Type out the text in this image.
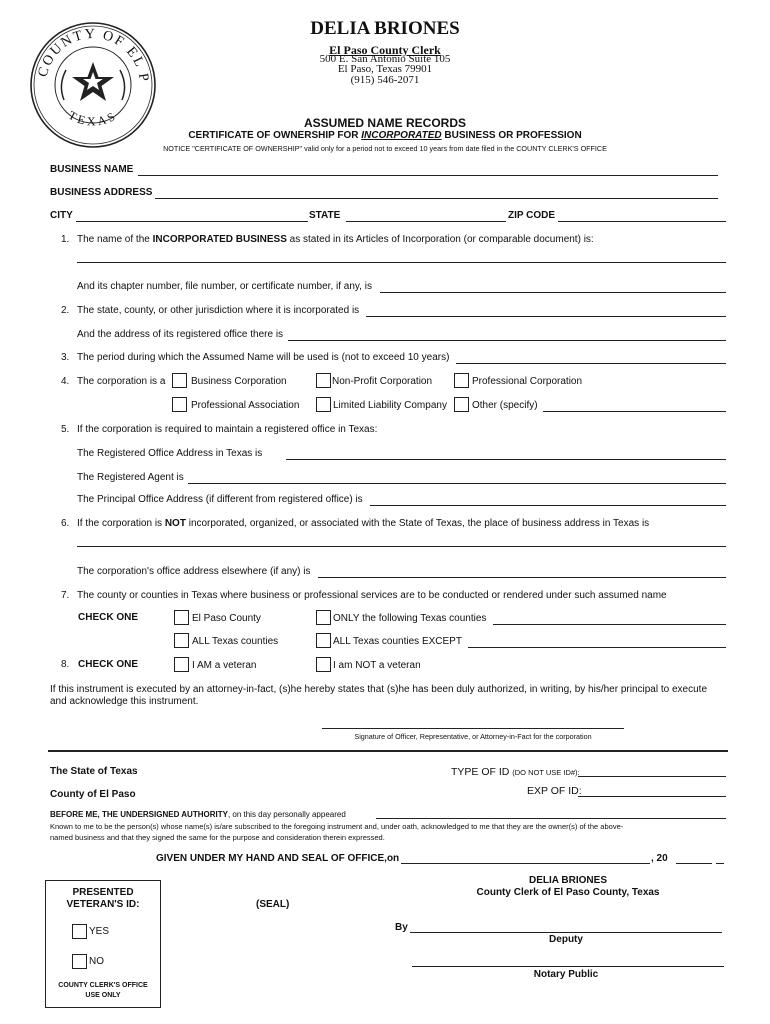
COUNTY OF EL P
TEXAS
DELIA BRIONES
El Paso County Clerk
500 E. San Antonio Suite 105
El Paso, Texas 79901
(915) 546-2071
ASSUMED NAME RECORDS
CERTIFICATE OF OWNERSHIP FOR INCORPORATED BUSINESS OR PROFESSION
NOTICE "CERTIFICATE OF OWNERSHIP" valid only for a period not to exceed 10 years from date filed in the COUNTY CLERK'S OFFICE
BUSINESS NAME
BUSINESS ADDRESS
CITY	STATE	ZIP CODE
1. The name of the INCORPORATED BUSINESS as stated in its Articles of Incorporation (or comparable document) is:
And its chapter number, file number, or certificate number, if any, is
2. The state, county, or other jurisdiction where it is incorporated is
And the address of its registered office there is
3. The period during which the Assumed Name will be used is (not to exceed 10 years)
4. The corporation is a	Business Corporation	Non-Profit Corporation	Professional Corporation
Professional Association	Limited Liability Company	Other (specify)
5. If the corporation is required to maintain a registered office in Texas:
The Registered Office Address in Texas is
The Registered Agent is
The Principal Office Address (if different from registered office) is
6. If the corporation is NOT incorporated, organized, or associated with the State of Texas, the place of business address in Texas is
The corporation's office address elsewhere (if any) is
7. The county or counties in Texas where business or professional services are to be conducted or rendered under such assumed name
CHECK ONE	El Paso County	ONLY the following Texas counties
ALL Texas counties	ALL Texas counties EXCEPT
8. CHECK ONE	I AM a veteran	I am NOT a veteran
If this instrument is executed by an attorney-in-fact, (s)he hereby states that (s)he has been duly authorized, in writing, by his/her principal to execute
and acknowledge this instrument.
Signature of Officer, Representative, or Attorney-in-Fact for the corporation
The State of Texas
County of El Paso
TYPE OF ID (DO NOT USE ID#):
EXP OF ID:
BEFORE ME, THE UNDERSIGNED AUTHORITY, on this day personally appeared
Known to me to be the person(s) whose name(s) is/are subscribed to the foregoing instrument and, under oath, acknowledged to me that they are the owner(s) of the above-
named business and that they signed the same for the purpose and consideration therein expressed.
GIVEN UNDER MY HAND AND SEAL OF OFFICE,on	, 20
DELIA BRIONES
County Clerk of El Paso County, Texas
(SEAL)
By
Deputy
Notary Public
PRESENTED
VETERAN'S ID:
YES
NO
COUNTY CLERK'S OFFICE
USE ONLY
